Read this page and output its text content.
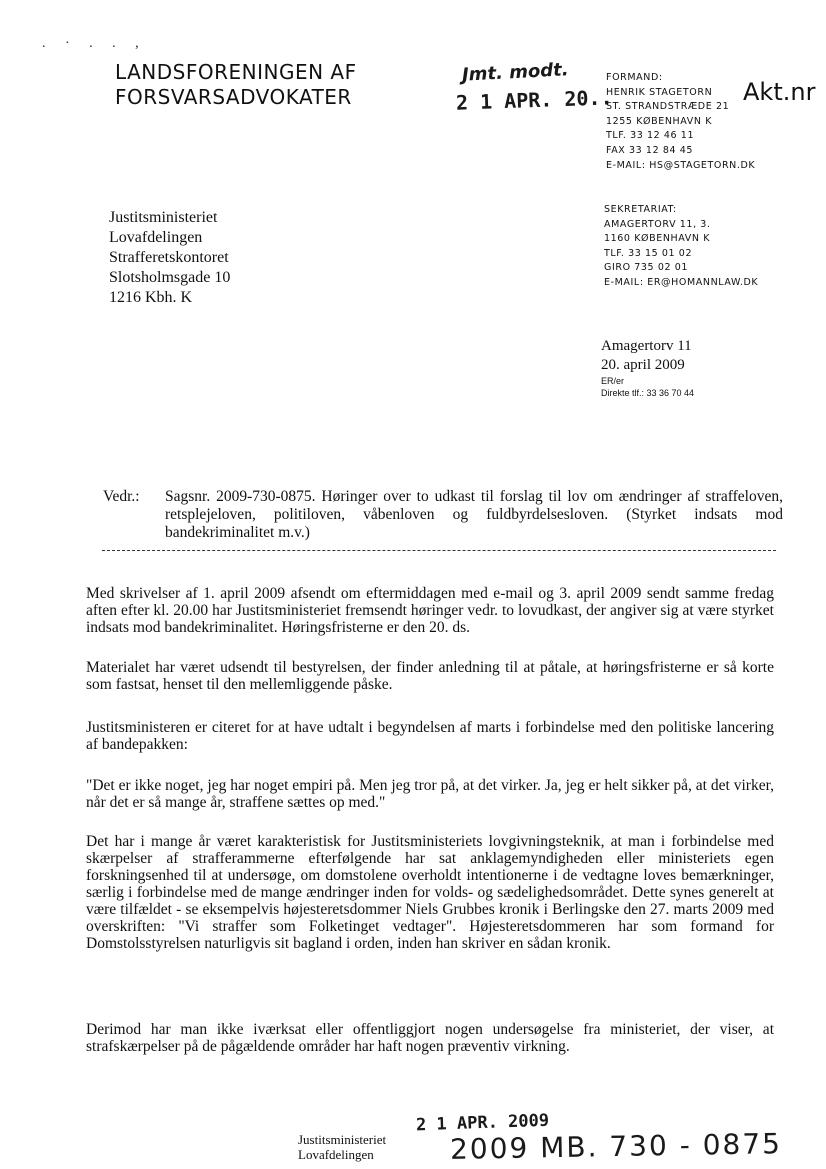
. · . . ,
LANDSFORENINGEN AF
FORSVARSADVOKATER
Jmt. modt.
2 1 APR. 20..
FORMAND:
HENRIK STAGETORN
ST. STRANDSTRÆDE 21
1255 KØBENHAVN K
TLF. 33 12 46 11
FAX 33 12 84 45
E-MAIL: HS@STAGETORN.DK
Akt.nr
SEKRETARIAT:
AMAGERTORV 11, 3.
1160 KØBENHAVN K
TLF. 33 15 01 02
GIRO 735 02 01
E-MAIL: ER@HOMANNLAW.DK
Justitsministeriet
Lovafdelingen
Strafferetskontoret
Slotsholmsgade 10
1216 Kbh. K
Amagertorv 11
20. april 2009
ER/er
Direkte tlf.: 33 36 70 44
Vedr.:	Sagsnr. 2009-730-0875. Høringer over to udkast til forslag til lov om ændringer af straffeloven, retsplejeloven, politiloven, våbenloven og fuldbyrdelsesloven. (Styrket indsats mod bandekriminalitet m.v.)
Med skrivelser af 1. april 2009 afsendt om eftermiddagen med e-mail og 3. april 2009 sendt samme fredag aften efter kl. 20.00 har Justitsministeriet fremsendt høringer vedr. to lovudkast, der angiver sig at være styrket indsats mod bandekriminalitet. Høringsfristerne er den 20. ds.
Materialet har været udsendt til bestyrelsen, der finder anledning til at påtale, at høringsfristerne er så korte som fastsat, henset til den mellemliggende påske.
Justitsministeren er citeret for at have udtalt i begyndelsen af marts i forbindelse med den politiske lancering af bandepakken:
"Det er ikke noget, jeg har noget empiri på. Men jeg tror på, at det virker. Ja, jeg er helt sikker på, at det virker, når det er så mange år, straffene sættes op med."
Det har i mange år været karakteristisk for Justitsministeriets lovgivningsteknik, at man i forbindelse med skærpelser af strafferammerne efterfølgende har sat anklagemyndigheden eller ministeriets egen forskningsenhed til at undersøge, om domstolene overholdt intentionerne i de vedtagne loves bemærkninger, særlig i forbindelse med de mange ændringer inden for volds- og sædelighedsområdet. Dette synes generelt at være tilfældet - se eksempelvis højesteretsdommer Niels Grubbes kronik i Berlingske den 27. marts 2009 med overskriften: "Vi straffer som Folketinget vedtager". Højesteretsdommeren har som formand for Domstolsstyrelsen naturligvis sit bagland i orden, inden han skriver en sådan kronik.
Derimod har man ikke iværksat eller offentliggjort nogen undersøgelse fra ministeriet, der viser, at strafskærpelser på de pågældende områder har haft nogen præventiv virkning.
Justitsministeriet
Lovafdelingen
2 1 APR. 2009
2009 MB. 730 - 0875
